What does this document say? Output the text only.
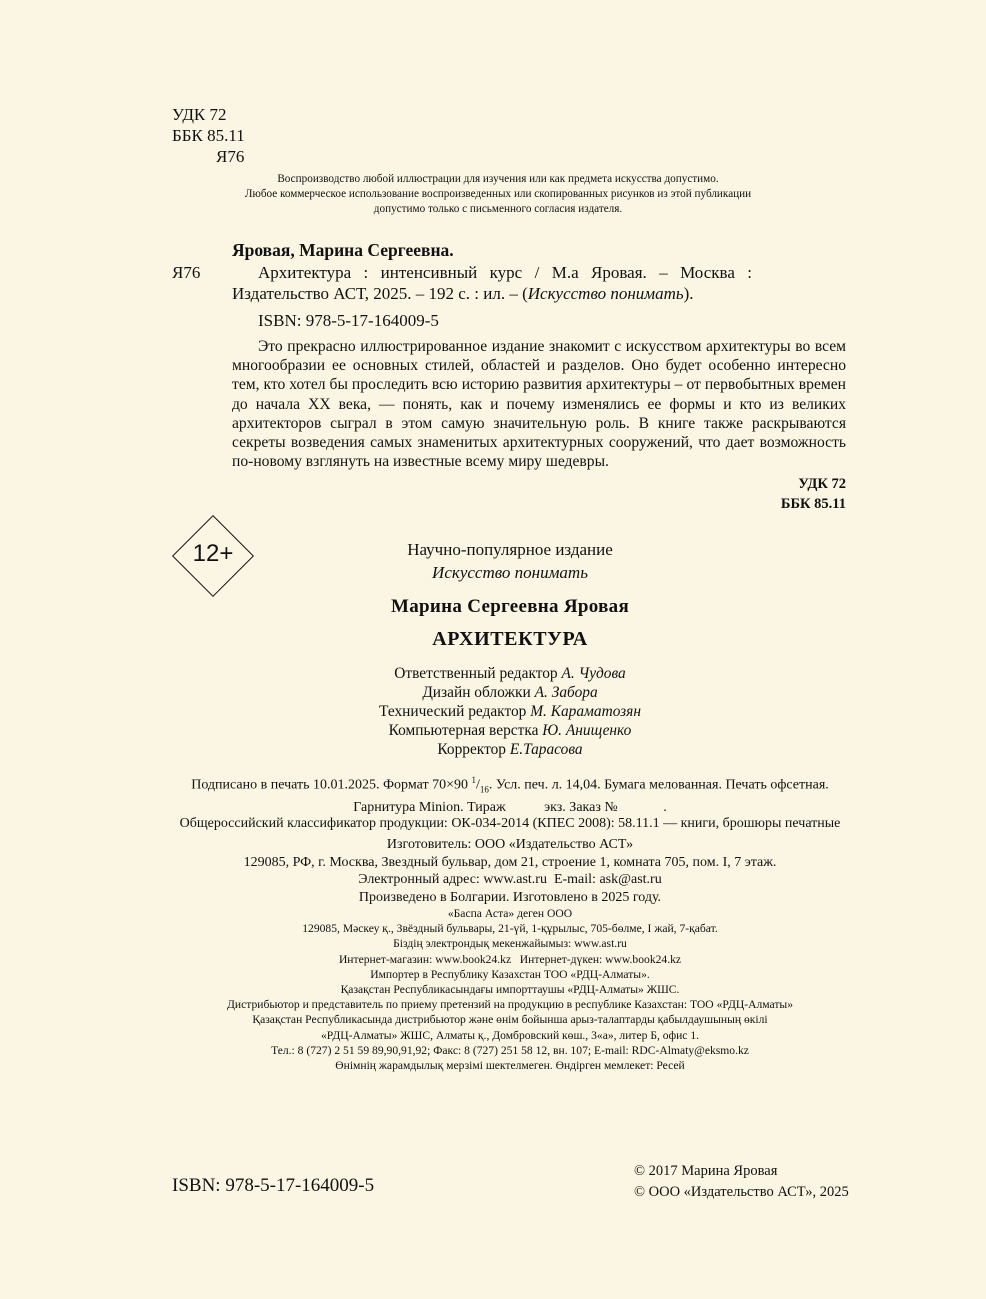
УДК 72
ББК 85.11
Я76
Воспроизводство любой иллюстрации для изучения или как предмета искусства допустимо.
Любое коммерческое использование воспроизведенных или скопированных рисунков из этой публикации
допустимо только с письменного согласия издателя.
Яровая, Марина Сергеевна.
Я76	Архитектура : интенсивный курс / М.а Яровая. – Москва : Издательство АСТ, 2025. – 192 с. : ил. – (Искусство понимать).
ISBN: 978-5-17-164009-5
Это прекрасно иллюстрированное издание знакомит с искусством архитектуры во всем многообразии ее основных стилей, областей и разделов. Оно будет особенно интересно тем, кто хотел бы проследить всю историю развития архитектуры – от первобытных времен до начала XX века, — понять, как и почему изменялись ее формы и кто из великих архитекторов сыграл в этом самую значительную роль. В книге также раскрываются секреты возведения самых знаменитых архитектурных сооружений, что дает возможность по-новому взглянуть на известные всему миру шедевры.
УДК 72
ББК 85.11
12+	Научно-популярное издание
Искусство понимать
Марина Сергеевна Яровая
АРХИТЕКТУРА
Ответственный редактор А. Чудова
Дизайн обложки А. Забора
Технический редактор М. Караматозян
Компьютерная верстка Ю. Анищенко
Корректор Е.Тарасова
Подписано в печать 10.01.2025. Формат 70×90 $^1/_{16}$. Усл. печ. л. 14,04. Бумага мелованная. Печать офсетная.
Гарнитура Minion. Тираж           экз. Заказ №             .
Общероссийский классификатор продукции: ОК-034-2014 (КПЕС 2008): 58.11.1 — книги, брошюры печатные
Изготовитель: ООО «Издательство АСТ»
129085, РФ, г. Москва, Звездный бульвар, дом 21, строение 1, комната 705, пом. I, 7 этаж.
Электронный адрес: www.ast.ru  E-mail: ask@ast.ru
Произведено в Болгарии. Изготовлено в 2025 году.
«Баспа Аста» деген ООО
129085, Мәскеу қ., Звёздный бульвары, 21-үй, 1-құрылыс, 705-бөлме, I жай, 7-қабат.
Біздің электрондық мекенжайымыз: www.ast.ru
Интернет-магазин: www.book24.kz   Интернет-дүкен: www.book24.kz
Импортер в Республику Казахстан ТОО «РДЦ-Алматы».
Қазақстан Республикасындағы импорттаушы «РДЦ-Алматы» ЖШС.
Дистрибьютор и представитель по приему претензий на продукцию в республике Казахстан: ТОО «РДЦ-Алматы»
Қазақстан Республикасында дистрибьютор және өнім бойынша арыз-талаптарды қабылдаушының өкілі
«РДЦ-Алматы» ЖШС, Алматы қ., Домбровский көш., 3«а», литер Б, офис 1.
Тел.: 8 (727) 2 51 59 89,90,91,92; Факс: 8 (727) 251 58 12, вн. 107; E-mail: RDC-Almaty@eksmo.kz
Өнімнің жарамдылық мерзімі шектелмеген. Өндірген мемлекет: Ресей
ISBN: 978-5-17-164009-5
© 2017 Марина Яровая
© ООО «Издательство АСТ», 2025
